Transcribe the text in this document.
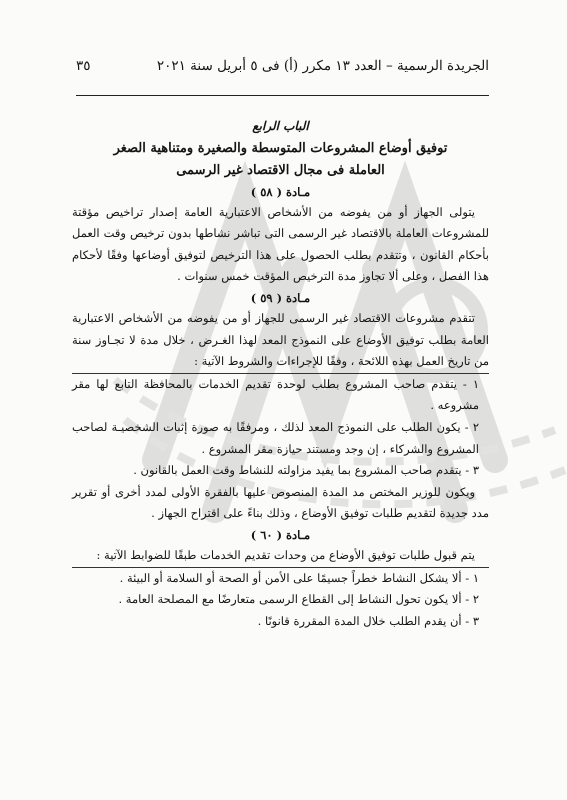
الجريدة الرسمية – العدد ١٣ مكرر (أ) فى ٥ أبريل سنة ٢٠٢١
٣٥

الباب الرابع

توفيق أوضاع المشروعات المتوسطة والصغيرة ومتناهية الصغر

العاملة فى مجال الاقتصاد غير الرسمى

مـادة ( ٥٨ )

يتولى الجهاز أو من يفوضه من الأشخاص الاعتبارية العامة إصدار تراخيص مؤقتة للمشروعات العاملة بالاقتصاد غير الرسمى التى تباشر نشاطها بدون ترخيص وقت العمل بأحكام القانون ، وتتقدم بطلب الحصول على هذا الترخيص لتوفيق أوضاعها وفقًا لأحكام هذا الفصل ، وعلى ألا تجاوز مدة الترخيص المؤقت خمس سنوات .

مـادة ( ٥٩ )

تتقدم مشروعات الاقتصاد غير الرسمى للجهاز أو من يفوضه من الأشخاص الاعتبارية العامة بطلب توفيق الأوضاع على النموذج المعد لهذا الغـرض ، خلال مدة لا تجـاوز سنة من تاريخ العمل بهذه اللائحة ، وفقًا للإجراءات والشروط الآتية :

١ - يتقدم صاحب المشروع بطلب لوحدة تقديم الخدمات بالمحافظة التابع لها مقر مشروعه .

٢ - يكون الطلب على النموذج المعد لذلك ، ومرفقًا به صورة إثبات الشخصيـة لصاحب المشروع والشركاء ، إن وجد ومستند حيازة مقر المشروع .

٣ - يتقدم صاحب المشروع بما يفيد مزاولته للنشاط وقت العمل بالقانون .

ويكون للوزير المختص مد المدة المنصوص عليها بالفقرة الأولى لمدد أخرى أو تقرير مدد جديدة لتقديم طلبات توفيق الأوضاع ، وذلك بناءً على اقتراح الجهاز .

مـادة ( ٦٠ )

يتم قبول طلبات توفيق الأوضاع من وحدات تقديم الخدمات طبقًا للضوابط الآتية :

١ - ألا يشكل النشاط خطراً جسيمًا على الأمن أو الصحة أو السلامة أو البيئة .

٢ - ألا يكون تحول النشاط إلى القطاع الرسمى متعارضًا مع المصلحة العامة .

٣ - أن يقدم الطلب خلال المدة المقررة قانونًا .
